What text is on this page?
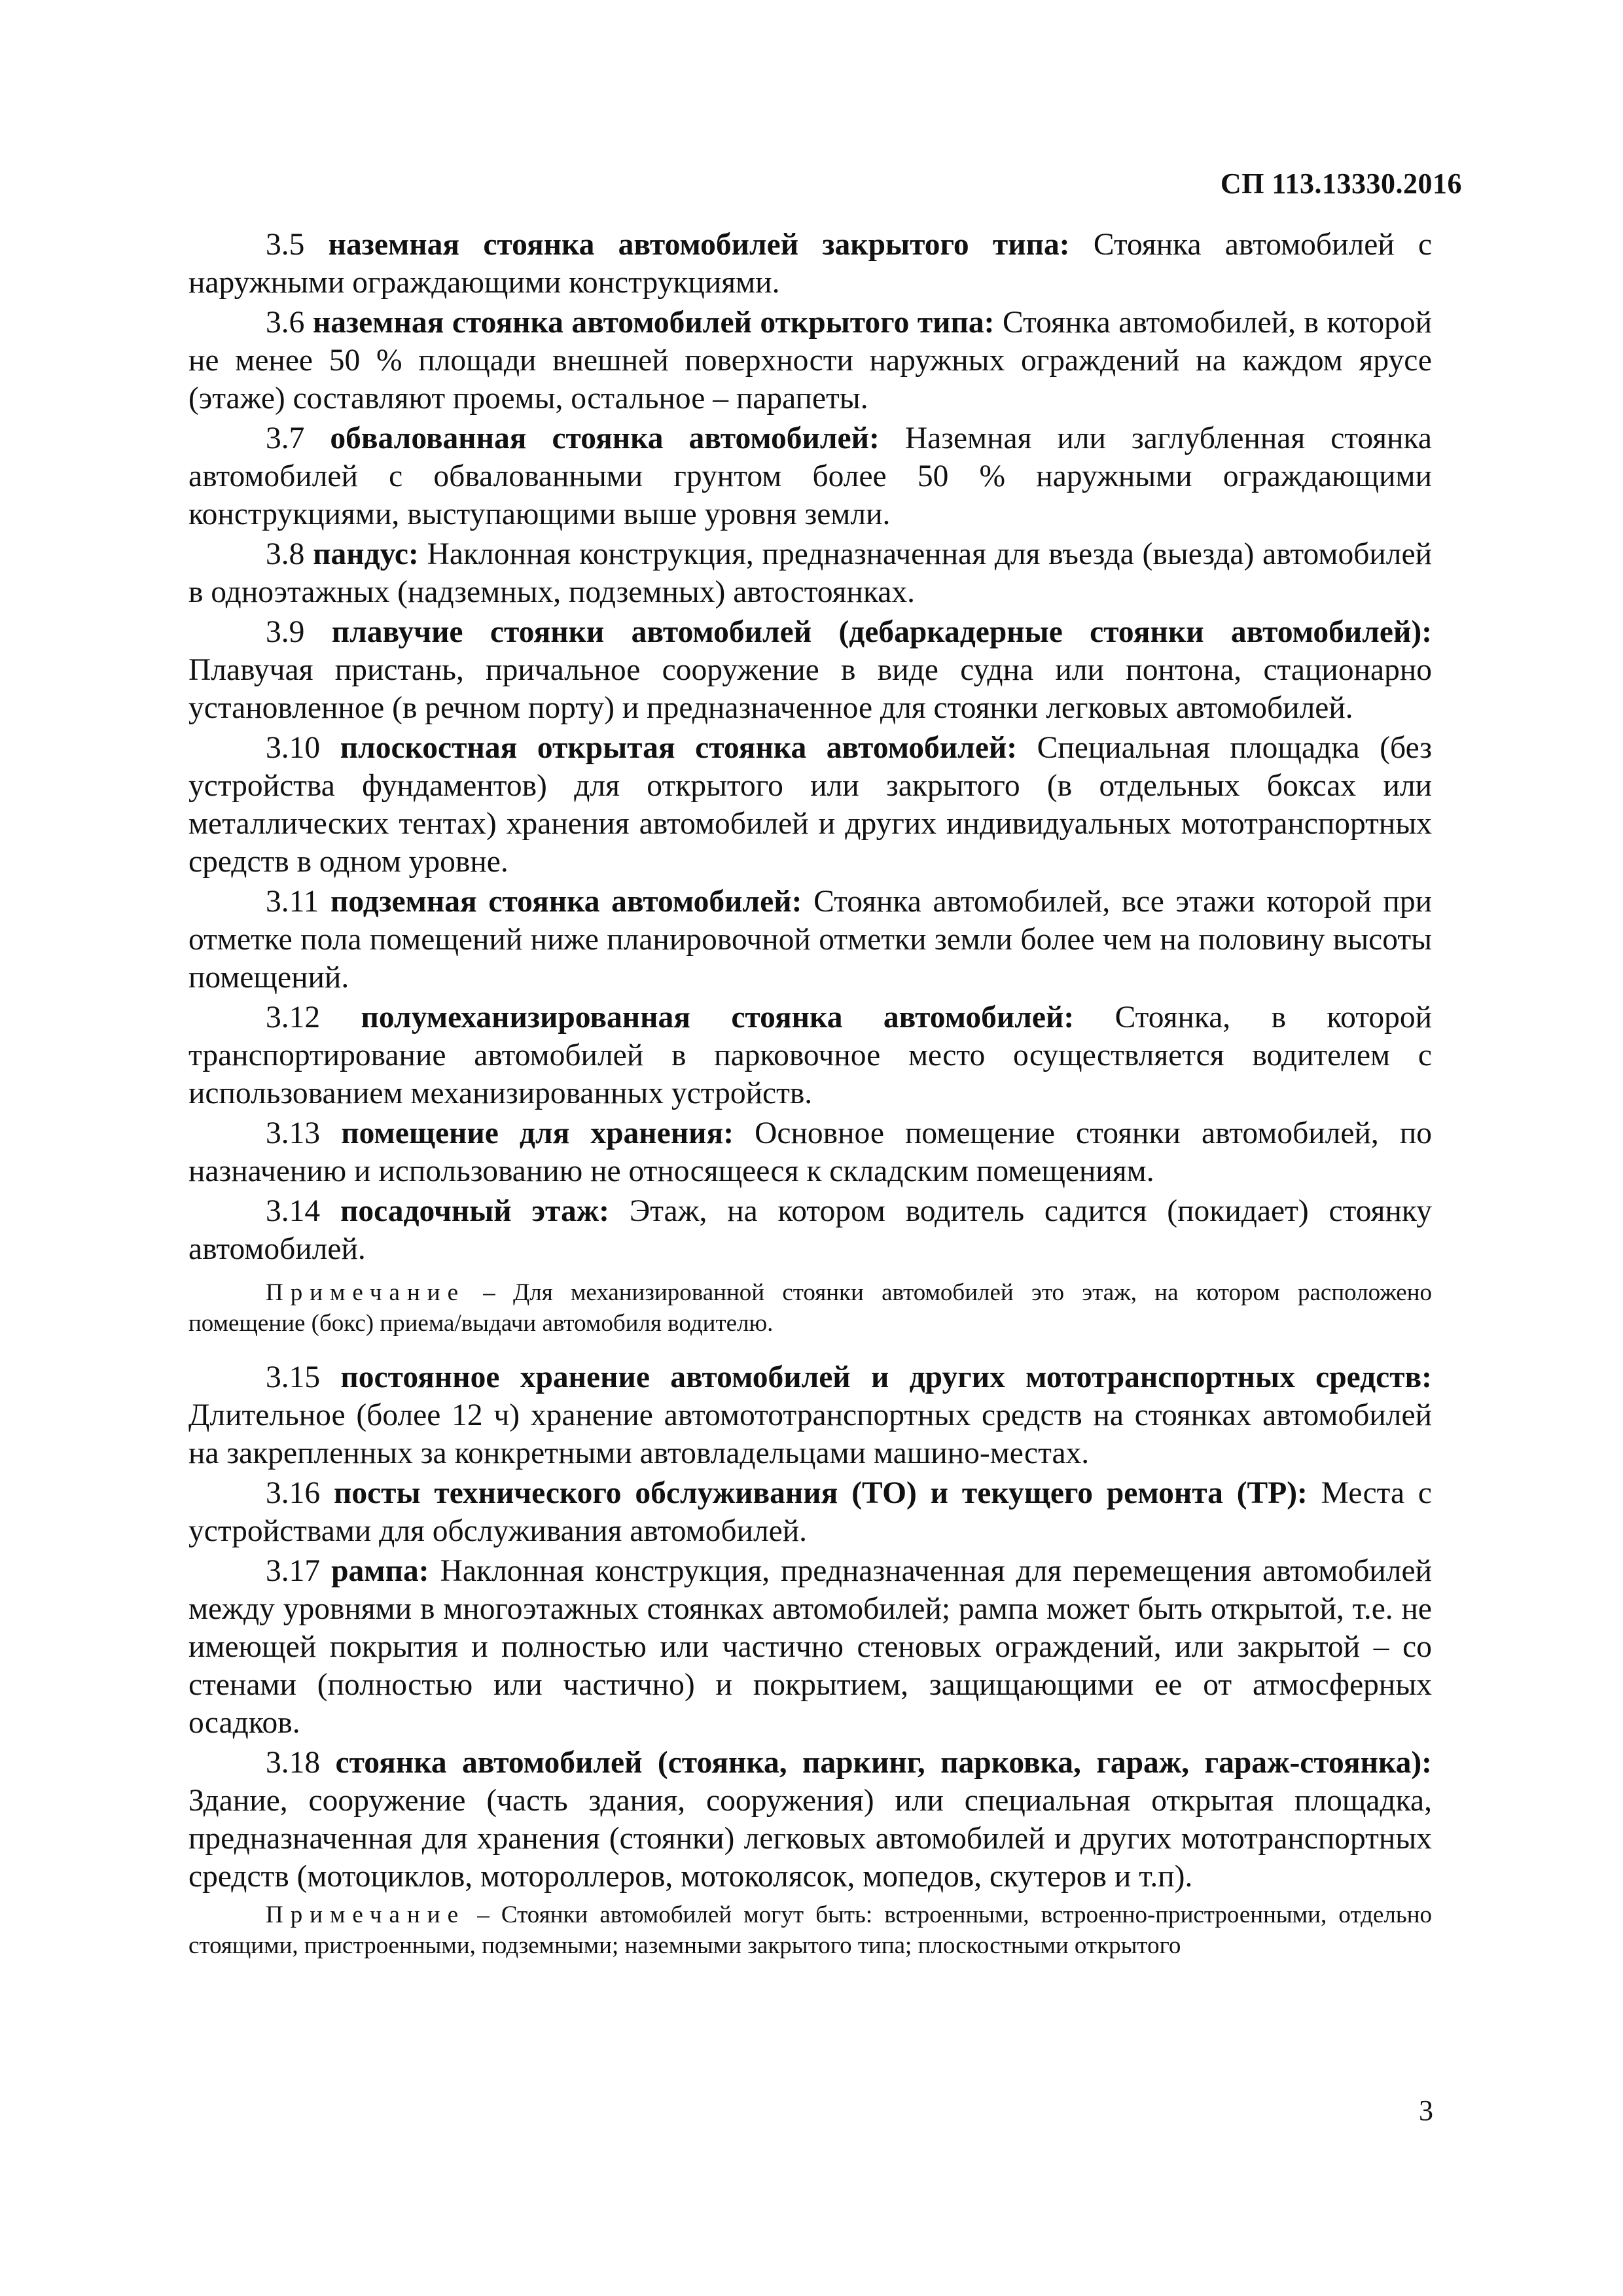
СП 113.13330.2016

3.5 наземная стоянка автомобилей закрытого типа: Стоянка автомобилей с наружными ограждающими конструкциями.

3.6 наземная стоянка автомобилей открытого типа: Стоянка автомобилей, в которой не менее 50 % площади внешней поверхности наружных ограждений на каждом ярусе (этаже) составляют проемы, остальное – парапеты.

3.7 обвалованная стоянка автомобилей: Наземная или заглубленная стоянка автомобилей с обвалованными грунтом более 50 % наружными ограждающими конструкциями, выступающими выше уровня земли.

3.8 пандус: Наклонная конструкция, предназначенная для въезда (выезда) автомобилей в одноэтажных (надземных, подземных) автостоянках.

3.9 плавучие стоянки автомобилей (дебаркадерные стоянки автомобилей): Плавучая пристань, причальное сооружение в виде судна или понтона, стационарно установленное (в речном порту) и предназначенное для стоянки легковых автомобилей.

3.10 плоскостная открытая стоянка автомобилей: Специальная площадка (без устройства фундаментов) для открытого или закрытого (в отдельных боксах или металлических тентах) хранения автомобилей и других индивидуальных мототранспортных средств в одном уровне.

3.11 подземная стоянка автомобилей: Стоянка автомобилей, все этажи которой при отметке пола помещений ниже планировочной отметки земли более чем на половину высоты помещений.

3.12 полумеханизированная стоянка автомобилей: Стоянка, в которой транспортирование автомобилей в парковочное место осуществляется водителем с использованием механизированных устройств.

3.13 помещение для хранения: Основное помещение стоянки автомобилей, по назначению и использованию не относящееся к складским помещениям.

3.14 посадочный этаж: Этаж, на котором водитель садится (покидает) стоянку автомобилей.

Примечание – Для механизированной стоянки автомобилей это этаж, на котором расположено помещение (бокс) приема/выдачи автомобиля водителю.

3.15 постоянное хранение автомобилей и других мототранспортных средств: Длительное (более 12 ч) хранение автомототранспортных средств на стоянках автомобилей на закрепленных за конкретными автовладельцами машино-местах.

3.16 посты технического обслуживания (ТО) и текущего ремонта (ТР): Места с устройствами для обслуживания автомобилей.

3.17 рампа: Наклонная конструкция, предназначенная для перемещения автомобилей между уровнями в многоэтажных стоянках автомобилей; рампа может быть открытой, т.е. не имеющей покрытия и полностью или частично стеновых ограждений, или закрытой – со стенами (полностью или частично) и покрытием, защищающими ее от атмосферных осадков.

3.18 стоянка автомобилей (стоянка, паркинг, парковка, гараж, гараж-стоянка): Здание, сооружение (часть здания, сооружения) или специальная открытая площадка, предназначенная для хранения (стоянки) легковых автомобилей и других мототранспортных средств (мотоциклов, мотороллеров, мотоколясок, мопедов, скутеров и т.п).

Примечание – Стоянки автомобилей могут быть: встроенными, встроенно-пристроенными, отдельно стоящими, пристроенными, подземными; наземными закрытого типа; плоскостными открытого

3
